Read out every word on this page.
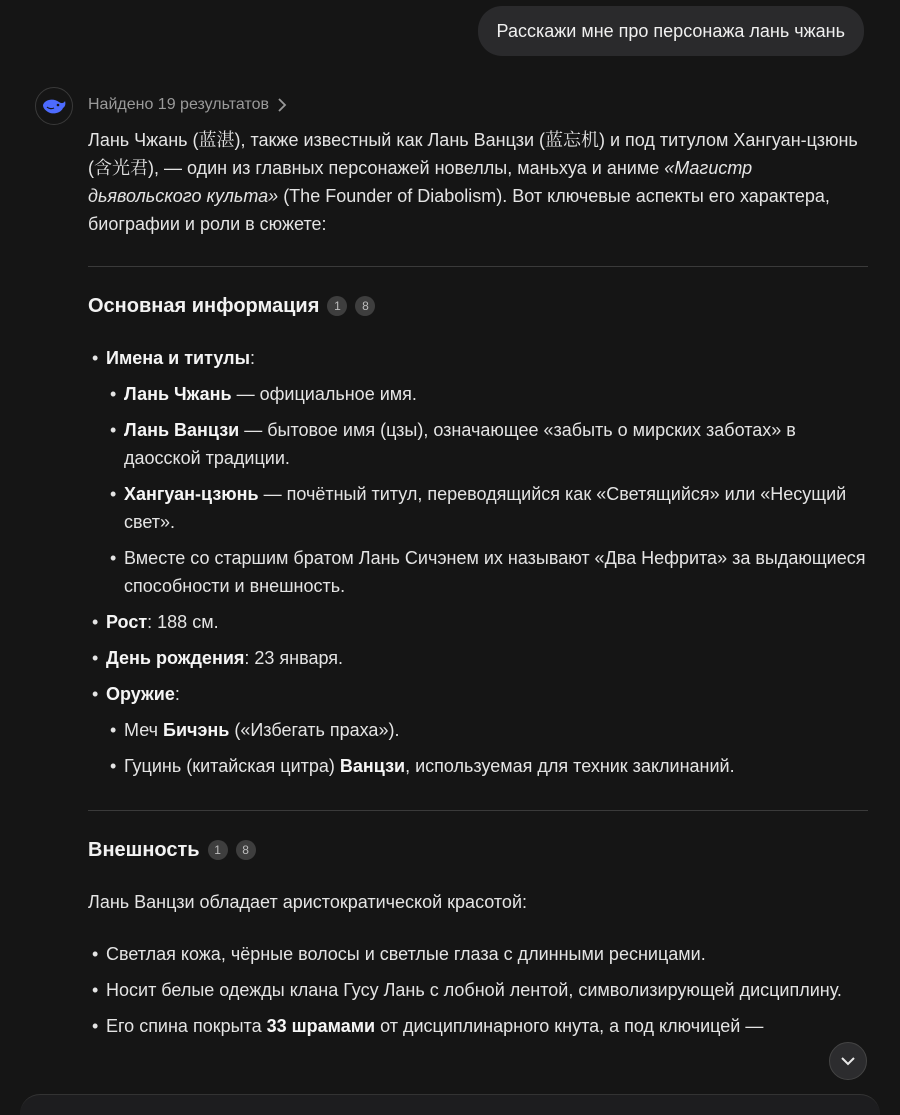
Расскажи мне про персонажа лань чжань
Найдено 19 результатов

Лань Чжань (蓝湛), также известный как Лань Ванцзи (蓝忘机) и под титулом Хангуан-цзюнь (含光君), — один из главных персонажей новеллы, маньхуа и аниме «Магистр дьявольского культа» (The Founder of Diabolism). Вот ключевые аспекты его характера, биографии и роли в сюжете:

Основная информация	1	8
• Имена и титулы:
• Лань Чжань — официальное имя.
• Лань Ванцзи — бытовое имя (цзы), означающее «забыть о мирских заботах» в даосской традиции.
• Хангуан-цзюнь — почётный титул, переводящийся как «Светящийся» или «Несущий свет».
• Вместе со старшим братом Лань Сичэнем их называют «Два Нефрита» за выдающиеся способности и внешность.
• Рост: 188 см.
• День рождения: 23 января.
• Оружие:
• Меч Бичэнь («Избегать праха»).
• Гуцинь (китайская цитра) Ванцзи, используемая для техник заклинаний.
Внешность	1	8

Лань Ванцзи обладает аристократической красотой:

• Светлая кожа, чёрные волосы и светлые глаза с длинными ресницами.
• Носит белые одежды клана Гусу Лань с лобной лентой, символизирующей дисциплину.
• Его спина покрыта 33 шрамами от дисциплинарного кнута, а под ключицей —
